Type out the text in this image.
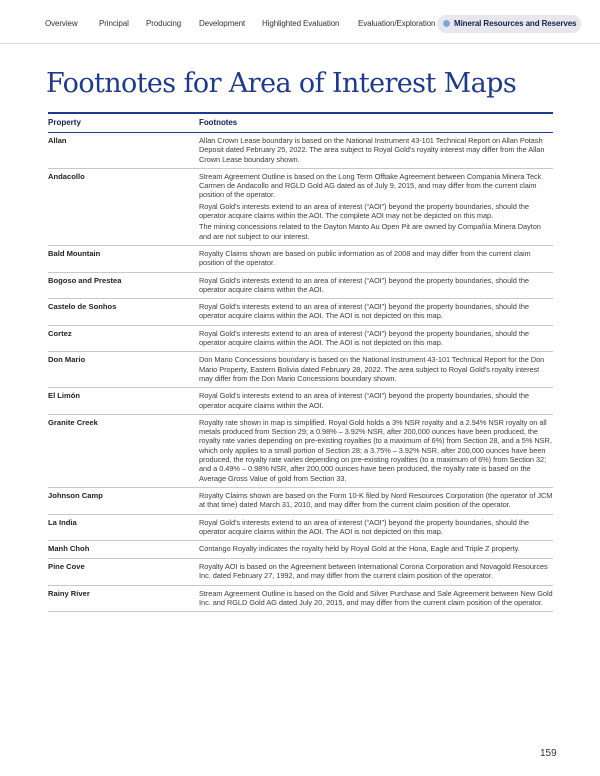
Overview	Principal Producing Development Highlighted Evaluation Evaluation/Exploration	Mineral Resources and Reserves
Footnotes for Area of Interest Maps
Property	Footnotes
Allan	Allan Crown Lease boundary is based on the National Instrument 43-101 Technical Report on Allan Potash Deposit dated February 25, 2022. The area subject to Royal Gold’s royalty interest may differ from the Allan Crown Lease boundary shown.

Andacollo	Stream Agreement Outline is based on the Long Term Offtake Agreement between Compania Minera Teck Carmen de Andacollo and RGLD Gold AG dated as of July 9, 2015, and may differ from the current claim position of the operator.

Royal Gold’s interests extend to an area of interest (“AOI”) beyond the property boundaries, should the operator acquire claims within the AOI. The complete AOI may not be depicted on this map.

The mining concessions related to the Dayton Manto Au Open Pit are owned by Compañía Minera Dayton and are not subject to our interest.

Bald Mountain	Royalty Claims shown are based on public information as of 2008 and may differ from the current claim position of the operator.

Bogoso and Prestea	Royal Gold’s interests extend to an area of interest (“AOI”) beyond the property boundaries, should the operator acquire claims within the AOI.

Castelo de Sonhos	Royal Gold’s interests extend to an area of interest (“AOI”) beyond the property boundaries, should the operator acquire claims within the AOI. The AOI is not depicted on this map.

Cortez	Royal Gold’s interests extend to an area of interest (“AOI”) beyond the property boundaries, should the operator acquire claims within the AOI. The AOI is not depicted on this map.

Don Mario	Don Mario Concessions boundary is based on the National Instrument 43-101 Technical Report for the Don Mario Property, Eastern Bolivia dated February 28, 2022. The area subject to Royal Gold’s royalty interest may differ from the Don Mario Concessions boundary shown.

El Limón	Royal Gold’s interests extend to an area of interest (“AOI”) beyond the property boundaries, should the operator acquire claims within the AOI.

Granite Creek	Royalty rate shown in map is simplified. Royal Gold holds a 3% NSR royalty and a 2.94% NSR royalty on all metals produced from Section 29; a 0.98% – 3.92% NSR, after 200,000 ounces have been produced, the royalty rate varies depending on pre-existing royalties (to a maximum of 6%) from Section 28, and a 5% NSR, which only applies to a small portion of Section 28; a 3.75% – 3.92% NSR, after 200,000 ounces have been produced, the royalty rate varies depending on pre-existing royalties (to a maximum of 6%) from Section 32; and a 0.49% – 0.98% NSR, after 200,000 ounces have been produced, the royalty rate is based on the Average Gross Value of gold from Section 33.

Johnson Camp	Royalty Claims shown are based on the Form 10-K filed by Nord Resources Corporation (the operator of JCM at that time) dated March 31, 2010, and may differ from the current claim position of the operator.

La India	Royal Gold’s interests extend to an area of interest (“AOI”) beyond the property boundaries, should the operator acquire claims within the AOI. The AOI is not depicted on this map.

Manh Choh	Contango Royalty indicates the royalty held by Royal Gold at the Hona, Eagle and Triple Z property.

Pine Cove	Royalty AOI is based on the Agreement between International Corona Corporation and Novagold Resources Inc. dated February 27, 1992, and may differ from the current claim position of the operator.

Rainy River	Stream Agreement Outline is based on the Gold and Silver Purchase and Sale Agreement between New Gold Inc. and RGLD Gold AG dated July 20, 2015, and may differ from the current claim position of the operator.

159
